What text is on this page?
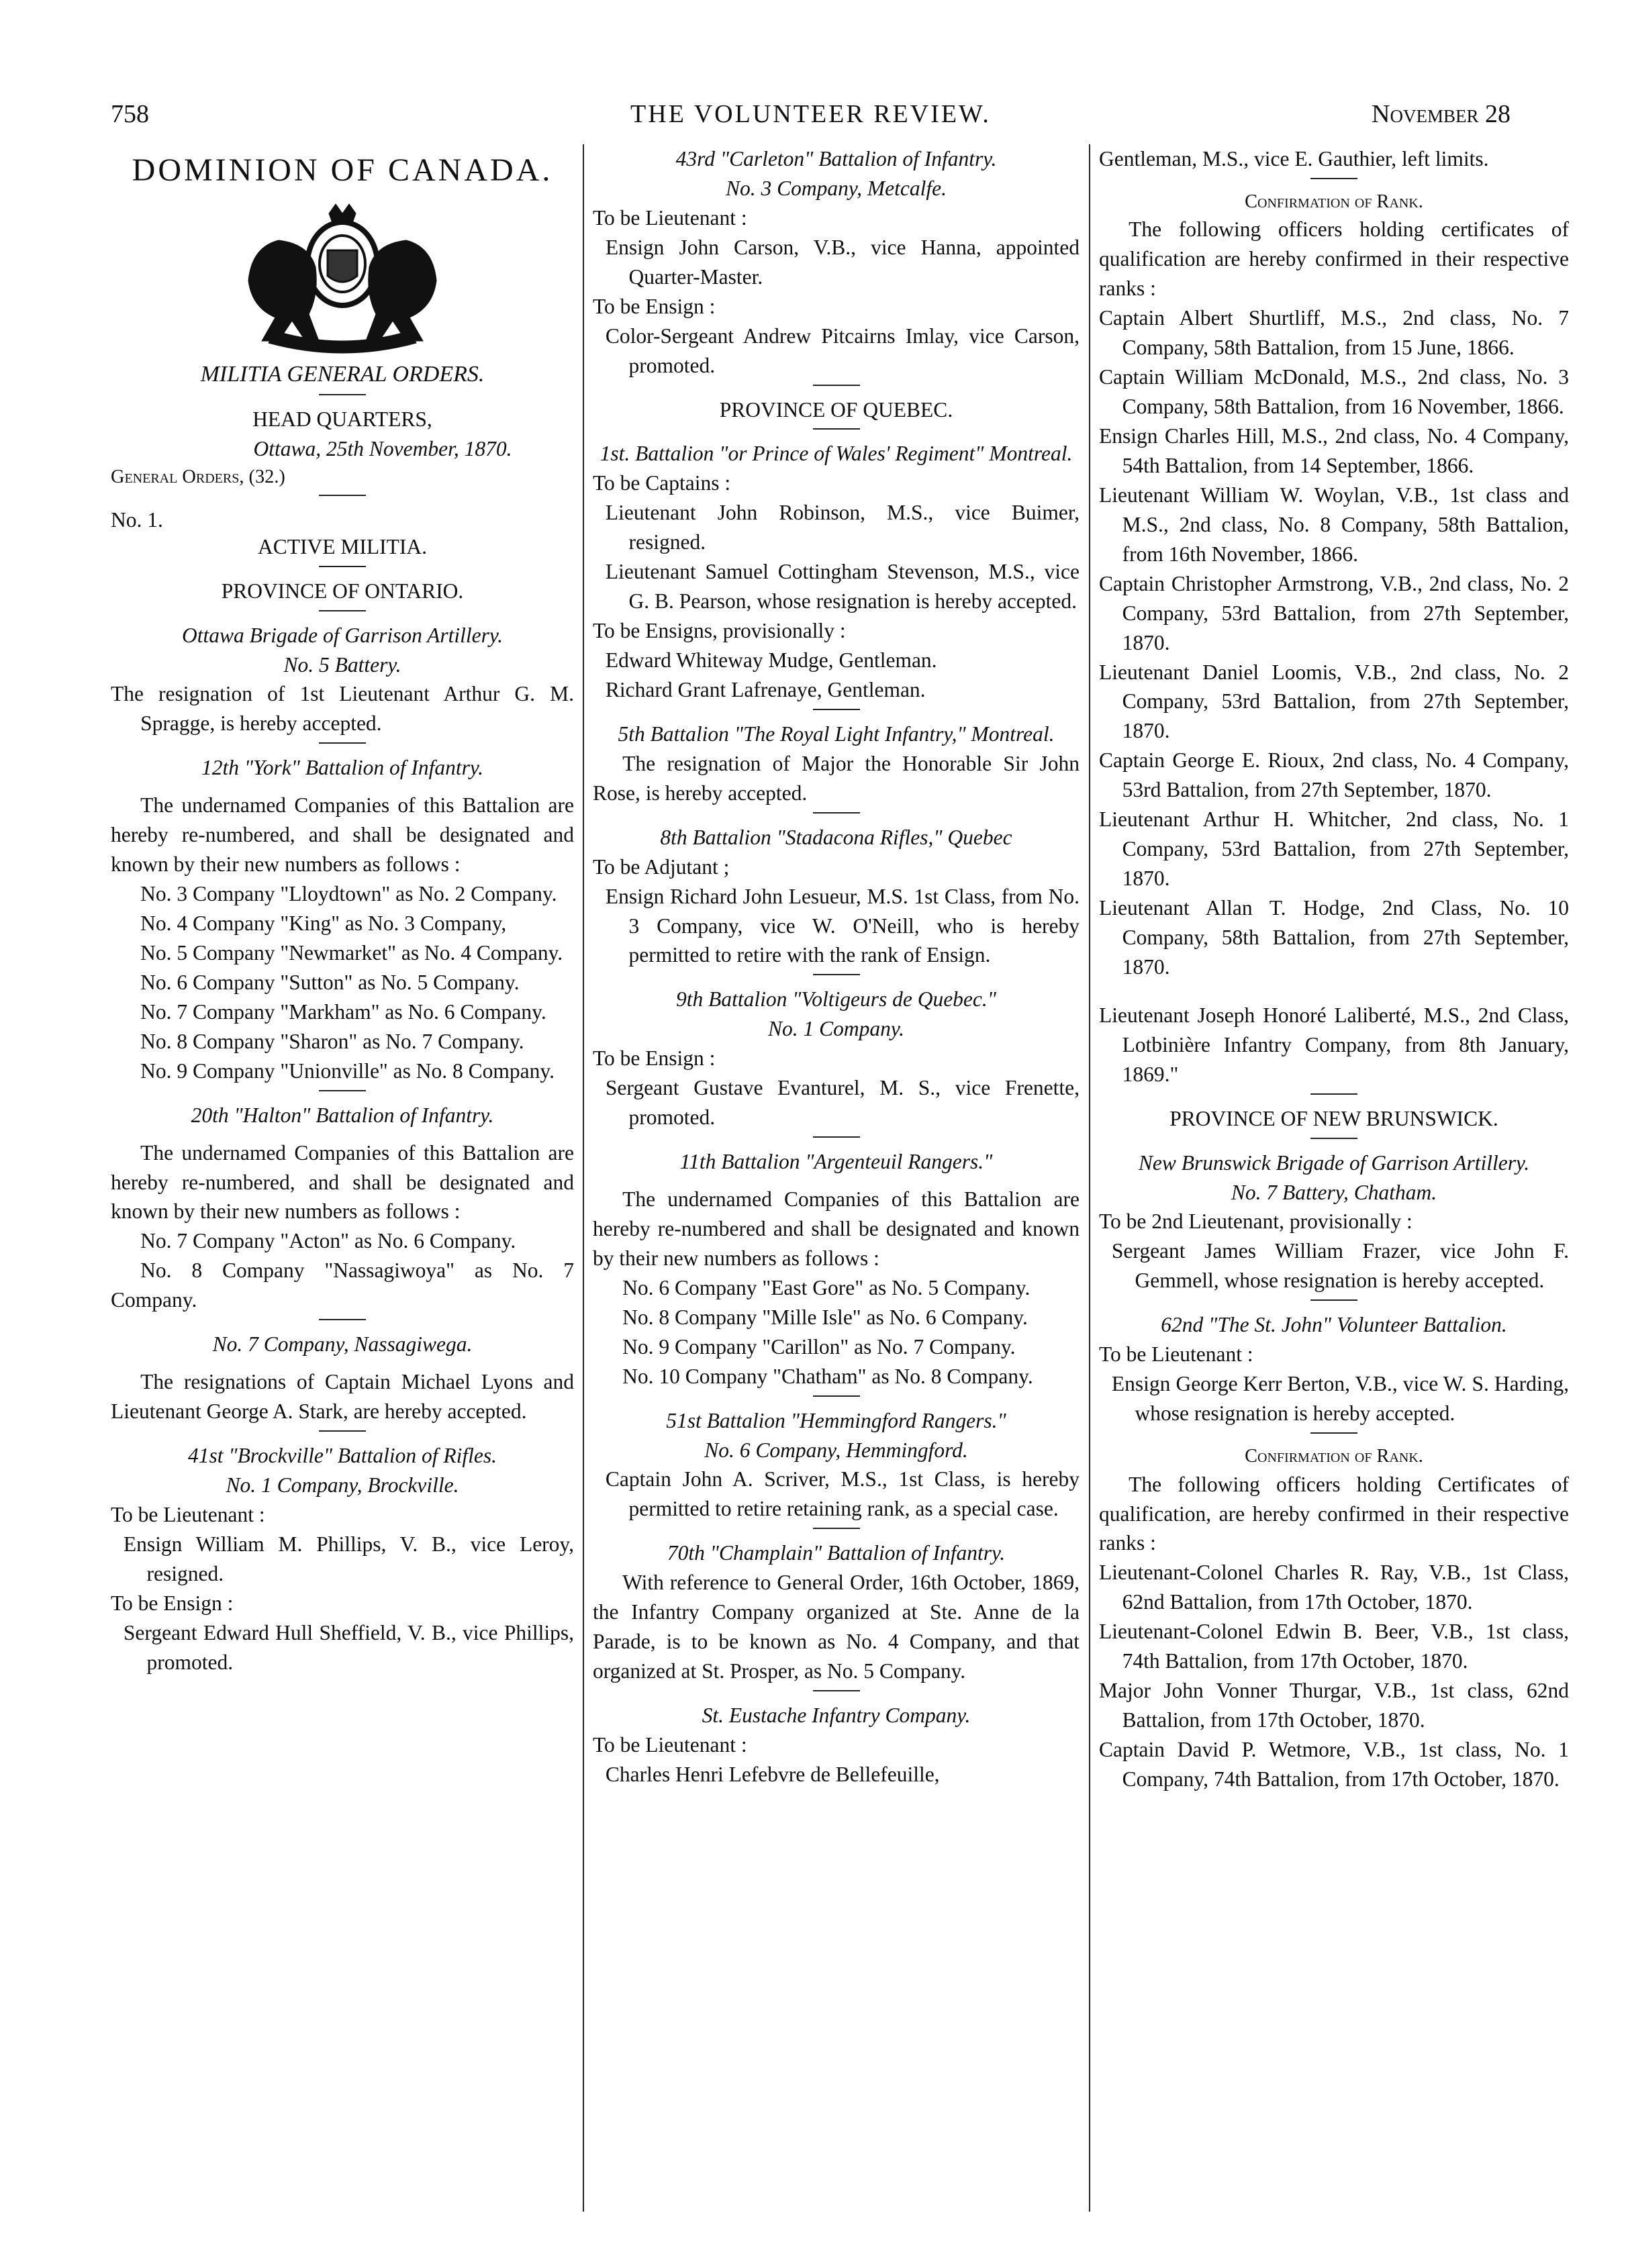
758	THE VOLUNTEER REVIEW.	November 28
DOMINION OF CANADA.

MILITIA GENERAL ORDERS.

HEAD QUARTERS,

Ottawa, 25th November, 1870.

General Orders, (32.)

No. 1.

ACTIVE MILITIA.

PROVINCE OF ONTARIO.

Ottawa Brigade of Garrison Artillery.

No. 5 Battery.

The resignation of 1st Lieutenant Arthur G. M. Spragge, is hereby accepted.

12th "York" Battalion of Infantry.

The undernamed Companies of this Battalion are hereby re-numbered, and shall be designated and known by their new numbers as follows :

No. 3 Company "Lloydtown" as No. 2 Company.

No. 4 Company "King" as No. 3 Company,

No. 5 Company "Newmarket" as No. 4 Company.

No. 6 Company "Sutton" as No. 5 Company.

No. 7 Company "Markham" as No. 6 Company.

No. 8 Company "Sharon" as No. 7 Company.

No. 9 Company "Unionville" as No. 8 Company.

20th "Halton" Battalion of Infantry.

The undernamed Companies of this Battalion are hereby re-numbered, and shall be designated and known by their new numbers as follows :

No. 7 Company "Acton" as No. 6 Company.

No. 8 Company "Nassagiwoya" as No. 7 Company.

No. 7 Company, Nassagiwega.

The resignations of Captain Michael Lyons and Lieutenant George A. Stark, are hereby accepted.

41st "Brockville" Battalion of Rifles.

No. 1 Company, Brockville.

To be Lieutenant :

Ensign William M. Phillips, V. B., vice Leroy, resigned.

To be Ensign :

Sergeant Edward Hull Sheffield, V. B., vice Phillips, promoted.

43rd "Carleton" Battalion of Infantry.

No. 3 Company, Metcalfe.

To be Lieutenant :

Ensign John Carson, V.B., vice Hanna, appointed Quarter-Master.

To be Ensign :

Color-Sergeant Andrew Pitcairns Imlay, vice Carson, promoted.

PROVINCE OF QUEBEC.

1st. Battalion "or Prince of Wales' Regiment" Montreal.

To be Captains :

Lieutenant John Robinson, M.S., vice Buimer, resigned.

Lieutenant Samuel Cottingham Stevenson, M.S., vice G. B. Pearson, whose resignation is hereby accepted.

To be Ensigns, provisionally :

Edward Whiteway Mudge, Gentleman.

Richard Grant Lafrenaye, Gentleman.

5th Battalion "The Royal Light Infantry," Montreal.

The resignation of Major the Honorable Sir John Rose, is hereby accepted.

8th Battalion "Stadacona Rifles," Quebec

To be Adjutant ;

Ensign Richard John Lesueur, M.S. 1st Class, from No. 3 Company, vice W. O'Neill, who is hereby permitted to retire with the rank of Ensign.

9th Battalion "Voltigeurs de Quebec."

No. 1 Company.

To be Ensign :

Sergeant Gustave Evanturel, M. S., vice Frenette, promoted.

11th Battalion "Argenteuil Rangers."

The undernamed Companies of this Battalion are hereby re-numbered and shall be designated and known by their new numbers as follows :

No. 6 Company "East Gore" as No. 5 Company.

No. 8 Company "Mille Isle" as No. 6 Company.

No. 9 Company "Carillon" as No. 7 Company.

No. 10 Company "Chatham" as No. 8 Company.

51st Battalion "Hemmingford Rangers."

No. 6 Company, Hemmingford.

Captain John A. Scriver, M.S., 1st Class, is hereby permitted to retire retaining rank, as a special case.

70th "Champlain" Battalion of Infantry.

With reference to General Order, 16th October, 1869, the Infantry Company organized at Ste. Anne de la Parade, is to be known as No. 4 Company, and that organized at St. Prosper, as No. 5 Company.

St. Eustache Infantry Company.

To be Lieutenant :

Charles Henri Lefebvre de Bellefeuille,

Gentleman, M.S., vice E. Gauthier, left limits.

Confirmation of Rank.

The following officers holding certificates of qualification are hereby confirmed in their respective ranks :

Captain Albert Shurtliff, M.S., 2nd class, No. 7 Company, 58th Battalion, from 15 June, 1866.

Captain William McDonald, M.S., 2nd class, No. 3 Company, 58th Battalion, from 16 November, 1866.

Ensign Charles Hill, M.S., 2nd class, No. 4 Company, 54th Battalion, from 14 September, 1866.

Lieutenant William W. Woylan, V.B., 1st class and M.S., 2nd class, No. 8 Company, 58th Battalion, from 16th November, 1866.

Captain Christopher Armstrong, V.B., 2nd class, No. 2 Company, 53rd Battalion, from 27th September, 1870.

Lieutenant Daniel Loomis, V.B., 2nd class, No. 2 Company, 53rd Battalion, from 27th September, 1870.

Captain George E. Rioux, 2nd class, No. 4 Company, 53rd Battalion, from 27th September, 1870.

Lieutenant Arthur H. Whitcher, 2nd class, No. 1 Company, 53rd Battalion, from 27th September, 1870.

Lieutenant Allan T. Hodge, 2nd Class, No. 10 Company, 58th Battalion, from 27th September, 1870.

Lieutenant Joseph Honoré Laliberté, M.S., 2nd Class, Lotbinière Infantry Company, from 8th January, 1869."

PROVINCE OF NEW BRUNSWICK.

New Brunswick Brigade of Garrison Artillery.

No. 7 Battery, Chatham.

To be 2nd Lieutenant, provisionally :

Sergeant James William Frazer, vice John F. Gemmell, whose resignation is hereby accepted.

62nd "The St. John" Volunteer Battalion.

To be Lieutenant :

Ensign George Kerr Berton, V.B., vice W. S. Harding, whose resignation is hereby accepted.

Confirmation of Rank.

The following officers holding Certificates of qualification, are hereby confirmed in their respective ranks :

Lieutenant-Colonel Charles R. Ray, V.B., 1st Class, 62nd Battalion, from 17th October, 1870.

Lieutenant-Colonel Edwin B. Beer, V.B., 1st class, 74th Battalion, from 17th October, 1870.

Major John Vonner Thurgar, V.B., 1st class, 62nd Battalion, from 17th October, 1870.

Captain David P. Wetmore, V.B., 1st class, No. 1 Company, 74th Battalion, from 17th October, 1870.
